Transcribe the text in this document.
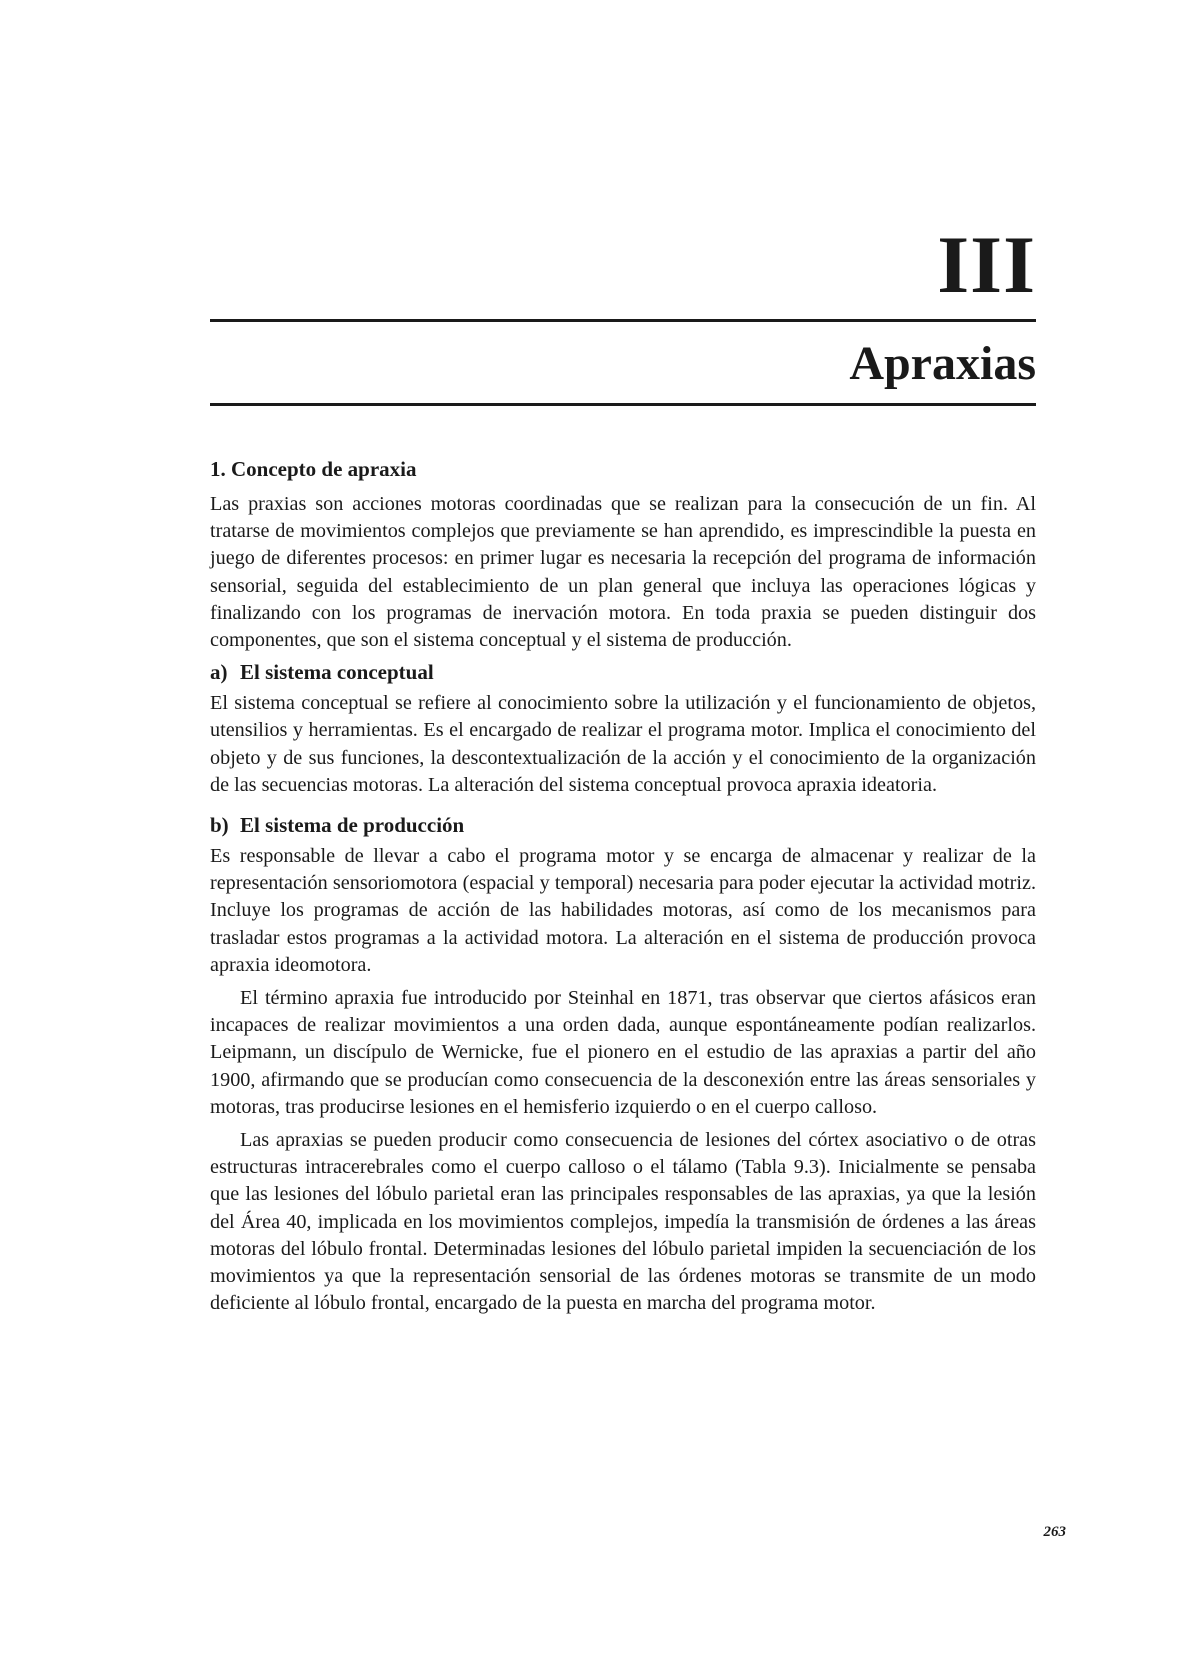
III
Apraxias
1. Concepto de apraxia

Las praxias son acciones motoras coordinadas que se realizan para la consecución de un fin. Al tratarse de movimientos complejos que previamente se han aprendido, es imprescindible la puesta en juego de diferentes procesos: en primer lugar es necesaria la recepción del programa de información sensorial, seguida del establecimiento de un plan general que incluya las operaciones lógicas y finalizando con los programas de inervación motora. En toda praxia se pueden distinguir dos componentes, que son el sistema conceptual y el sistema de producción.

a) El sistema conceptual

El sistema conceptual se refiere al conocimiento sobre la utilización y el funcionamiento de objetos, utensilios y herramientas. Es el encargado de realizar el programa motor. Implica el conocimiento del objeto y de sus funciones, la descontextualización de la acción y el conocimiento de la organización de las secuencias motoras. La alteración del sistema conceptual provoca apraxia ideatoria.

b) El sistema de producción

Es responsable de llevar a cabo el programa motor y se encarga de almacenar y realizar de la representación sensoriomotora (espacial y temporal) necesaria para poder ejecutar la actividad motriz. Incluye los programas de acción de las habilidades motoras, así como de los mecanismos para trasladar estos programas a la actividad motora. La alteración en el sistema de producción provoca apraxia ideomotora.

El término apraxia fue introducido por Steinhal en 1871, tras observar que ciertos afásicos eran incapaces de realizar movimientos a una orden dada, aunque espontáneamente podían realizarlos. Leipmann, un discípulo de Wernicke, fue el pionero en el estudio de las apraxias a partir del año 1900, afirmando que se producían como consecuencia de la desconexión entre las áreas sensoriales y motoras, tras producirse lesiones en el hemisferio izquierdo o en el cuerpo calloso.

Las apraxias se pueden producir como consecuencia de lesiones del córtex asociativo o de otras estructuras intracerebrales como el cuerpo calloso o el tálamo (Tabla 9.3). Inicialmente se pensaba que las lesiones del lóbulo parietal eran las principales responsables de las apraxias, ya que la lesión del Área 40, implicada en los movimientos complejos, impedía la transmisión de órdenes a las áreas motoras del lóbulo frontal. Determinadas lesiones del lóbulo parietal impiden la secuenciación de los movimientos ya que la representación sensorial de las órdenes motoras se transmite de un modo deficiente al lóbulo frontal, encargado de la puesta en marcha del programa motor.

263
